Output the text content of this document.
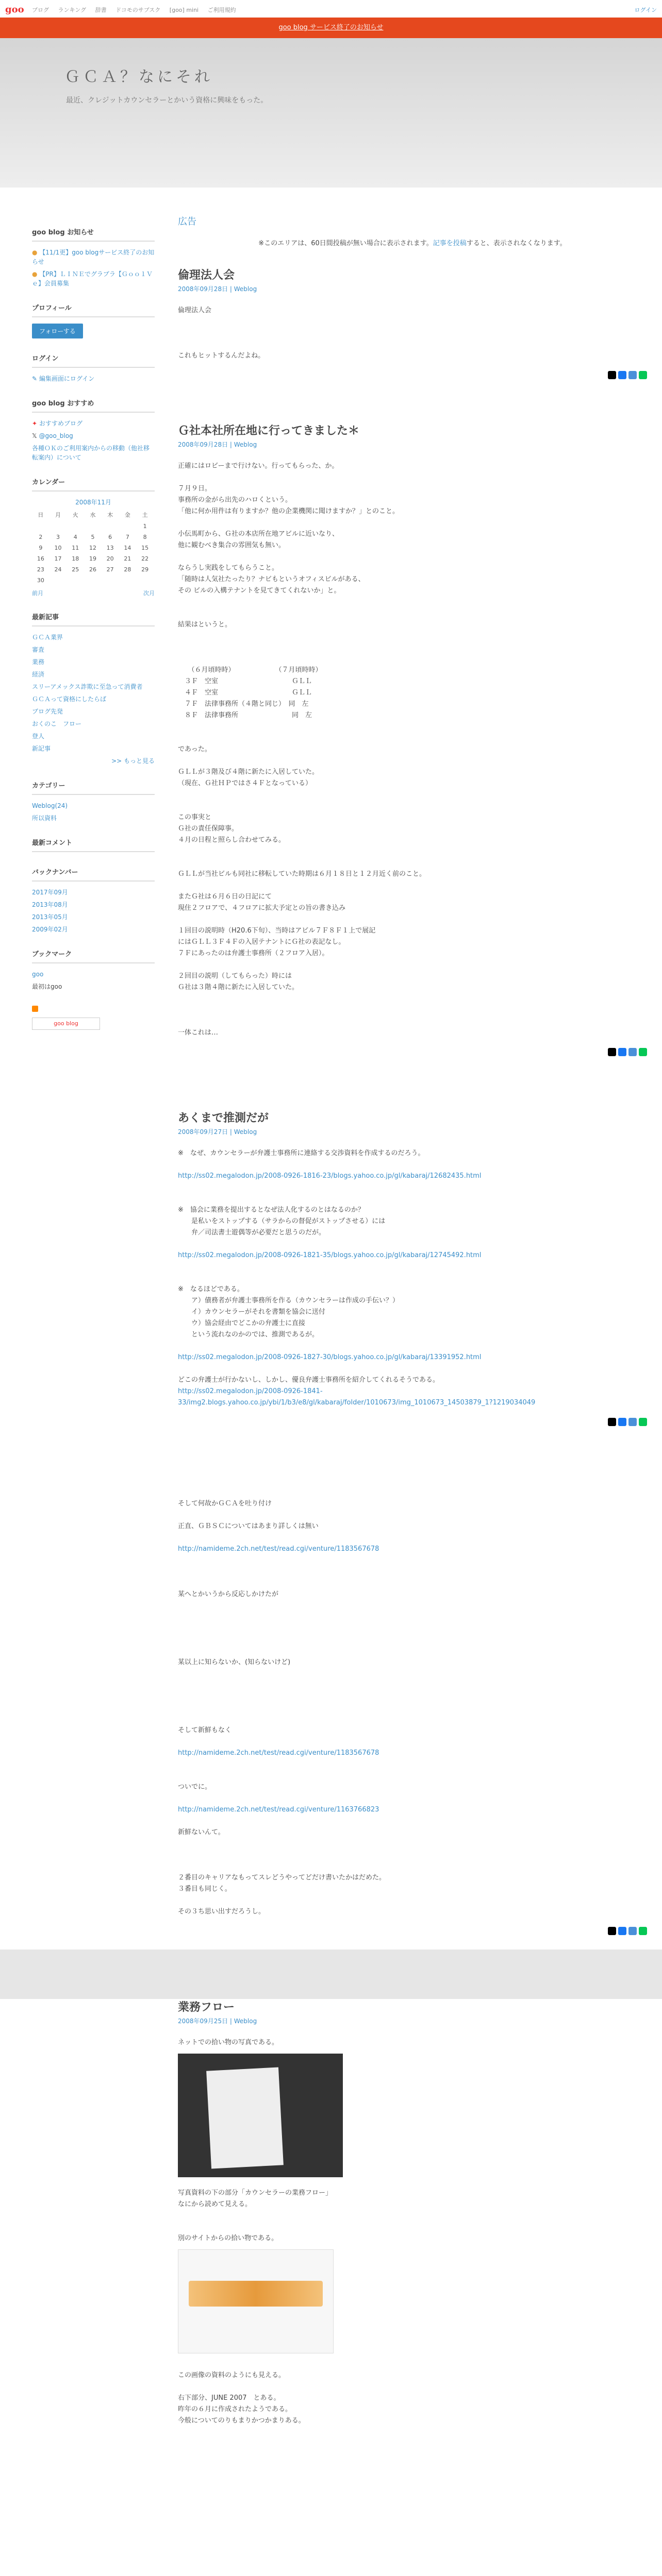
goo ブログ ランキング 辞書 ドコモのサブスク [goo] mini ご利用規約	ログイン
goo blog サービス終了のお知らせ
ＧＣＡ？なにそれ
最近、クレジットカウンセラーとかいう資格に興味をもった。
goo blog お知らせ
● 【11/1更】goo blogサービス終了のお知らせ
● 【PR】ＬＩＮＥでグラブラ【Ｇｏｏ１Ｖｅ】会員募集
プロフィール
フォローする
ログイン
✎ 編集画面にログイン
goo blog おすすめ
✦ おすすめブログ
𝕏 @goo_blog
各種ＯＫのご利用案内からの移動（他社移転案内）について
カレンダー
2008年11月
日	月	火	水	木	金	土
						1
2	3	4	5	6	7	8
9	10	11	12	13	14	15
16	17	18	19	20	21	22
23	24	25	26	27	28	29
30						
前月	次月
最新記事
ＧＣＡ業界
審査
業務
経済
スリーアメックス詐欺に至急って消費者
ＧＣＡって資格にしたらば
ブログ先発
おくのこ　フロー
登人
新記事
>> もっと見る
カテゴリー
Weblog(24)
所以資料
最新コメント
バックナンバー
2017年09月
2013年08月
2013年05月
2009年02月
ブックマーク
goo
最初はgoo
goo blog
広告
※このエリアは、60日間投稿が無い場合に表示されます。記事を投稿すると、表示されなくなります。
倫理法人会
2008年09月28日 | Weblog
倫理法人会
これもヒットするんだよね。
Ｇ社本社所在地に行ってきました＊
2008年09月28日 | Weblog
正確にはロビーまで行けない。行ってもらった、か。
７月９日。
事務所の金がら出先のハロくという。
「他に何か用件は有りますか？他の企業機関に聞けますか？」とのこと。
小伝馬町から、Ｇ社の本店所在地アビルに近いなり、
他に観むべき集合の雰囲気も無い。
ならうし実践をしてもらうこと。
「随時は人気社たったり？ナビもというオフィスビルがある、
その ビルの入構テナントを見てきてくれないか」と。
結果はというと。
　　（６月頃時時）　　　　　　　（７月頃時時）
　３Ｆ　空室　　　　　　　　　　　ＧＬＬ
　４Ｆ　空室　　　　　　　　　　　ＧＬＬ
　７Ｆ　法律事務所（４階と同じ）　同　左
　８Ｆ　法律事務所　　　　　　　　同　左
であった。
ＧＬＬが３階及び４階に新たに入居していた。
（現在、Ｇ社ＨＰではさ４Ｆとなっている）
この事実と
Ｇ社の責任保障事。
４月の日程と照らし合わせてみる。
ＧＬＬが当社ビルも同社に移転していた時期は６月１８日と１２月近く前のこと。
またＧ社は６月６日の日記にて
現住２フロアで、４フロアに拡大予定との旨の書き込み
１回目の説明時（H20.6下旬）、当時はアビル７Ｆ８Ｆ１上で展記
にはＧＬＬ３Ｆ４Ｆの入居テナントにＧ社の表記なし。
７Ｆにあったのは弁護士事務所（２フロア入居）。
２回目の説明（してもらった）時には
Ｇ社は３階４階に新たに入居していた。
一体これは…
あくまで推測だが
2008年09月27日 | Weblog
※　なぜ、カウンセラーが弁護士事務所に連絡する交渉資料を作成するのだろう。
http://ss02.megalodon.jp/2008-0926-1816-23/blogs.yahoo.co.jp/gl/kabaraj/12682435.html
※　協会に業務を提出するとなぜ法人化するのとはなるのか？
　　是私いをストップする（サラからの督促がストップさせる）には
　　弁／司法書士遊偶等が必要だと思うのだが。
http://ss02.megalodon.jp/2008-0926-1821-35/blogs.yahoo.co.jp/gl/kabaraj/12745492.html
※　なるほどである。
　　ア）債務者が弁護士事務所を作る（カウンセラーは作成の手伝い？）
　　イ）カウンセラーがそれを書類を協会に送付
　　ウ）協会経由でどこかの弁護士に直接
　　という流れなのかのでは、推測であるが。
http://ss02.megalodon.jp/2008-0926-1827-30/blogs.yahoo.co.jp/gl/kabaraj/13391952.html
どこの弁護士が行かないし、しかし、優良弁護士事務所を紹介してくれるそうである。
http://ss02.megalodon.jp/2008-0926-1841-
33/img2.blogs.yahoo.co.jp/ybi/1/b3/e8/gl/kabaraj/folder/1010673/img_1010673_14503879_1?1219034049
そして何故かＧＣＡを吐り付け
正直、ＧＢＳＣについてはあまり詳しくは無い
http://namideme.2ch.net/test/read.cgi/venture/1183567678
某へとかいうから反応しかけたが
某以上に知らないか、(知らないけど)
そして新鮮もなく
http://namideme.2ch.net/test/read.cgi/venture/1183567678
ついでに。
http://namideme.2ch.net/test/read.cgi/venture/1163766823
新鮮ないんて。
２番目のキャリアなもってスレどうやってどだけ書いたかはだめた。
３番目も同じく。
その３ち思い出すだろうし。
業務フロー
2008年09月25日 | Weblog
ネットでの拾い物の写真である。
写真資料の下の部分「カウンセラーの業務フロー」
なにから読めて見える。
別のサイトからの拾い物である。
この画像の資料のようにも見える。
右下部分、JUNE 2007　とある。
昨年の６月に作成されたようである。
今般についてのりもまりかつかまりある。
